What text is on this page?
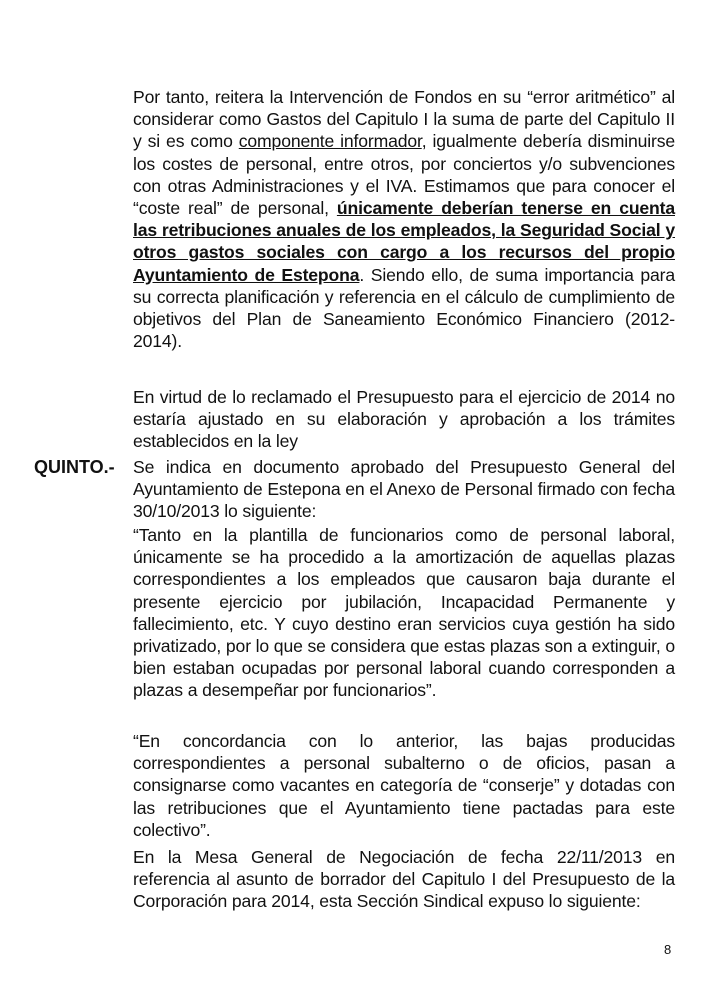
Por tanto, reitera la Intervención de Fondos en su “error aritmético” al considerar como Gastos del Capitulo I la suma de parte del Capitulo II y si es como componente informador, igualmente debería disminuirse los costes de personal, entre otros, por conciertos y/o subvenciones con otras Administraciones y el IVA. Estimamos que para conocer el “coste real” de personal, únicamente deberían tenerse en cuenta las retribuciones anuales de los empleados, la Seguridad Social y otros gastos sociales con cargo a los recursos del propio Ayuntamiento de Estepona. Siendo ello, de suma importancia para su correcta planificación y referencia en el cálculo de cumplimiento de objetivos del Plan de Saneamiento Económico Financiero (2012-2014).

En virtud de lo reclamado el Presupuesto para el ejercicio de 2014 no estaría ajustado en su elaboración y aprobación a los trámites establecidos en la ley

QUINTO.- Se indica en documento aprobado del Presupuesto General del Ayuntamiento de Estepona en el Anexo de Personal firmado con fecha 30/10/2013 lo siguiente:

“Tanto en la plantilla de funcionarios como de personal laboral, únicamente se ha procedido a la amortización de aquellas plazas correspondientes a los empleados que causaron baja durante el presente ejercicio por jubilación, Incapacidad Permanente y fallecimiento, etc. Y cuyo destino eran servicios cuya gestión ha sido privatizado, por lo que se considera que estas plazas son a extinguir, o bien estaban ocupadas por personal laboral cuando corresponden a plazas a desempeñar por funcionarios”.

“En concordancia con lo anterior, las bajas producidas correspondientes a personal subalterno o de oficios, pasan a consignarse como vacantes en categoría de “conserje” y dotadas con las retribuciones que el Ayuntamiento tiene pactadas para este colectivo”.

En la Mesa General de Negociación de fecha 22/11/2013 en referencia al asunto de borrador del Capitulo I del Presupuesto de la Corporación para 2014, esta Sección Sindical expuso lo siguiente:

8
